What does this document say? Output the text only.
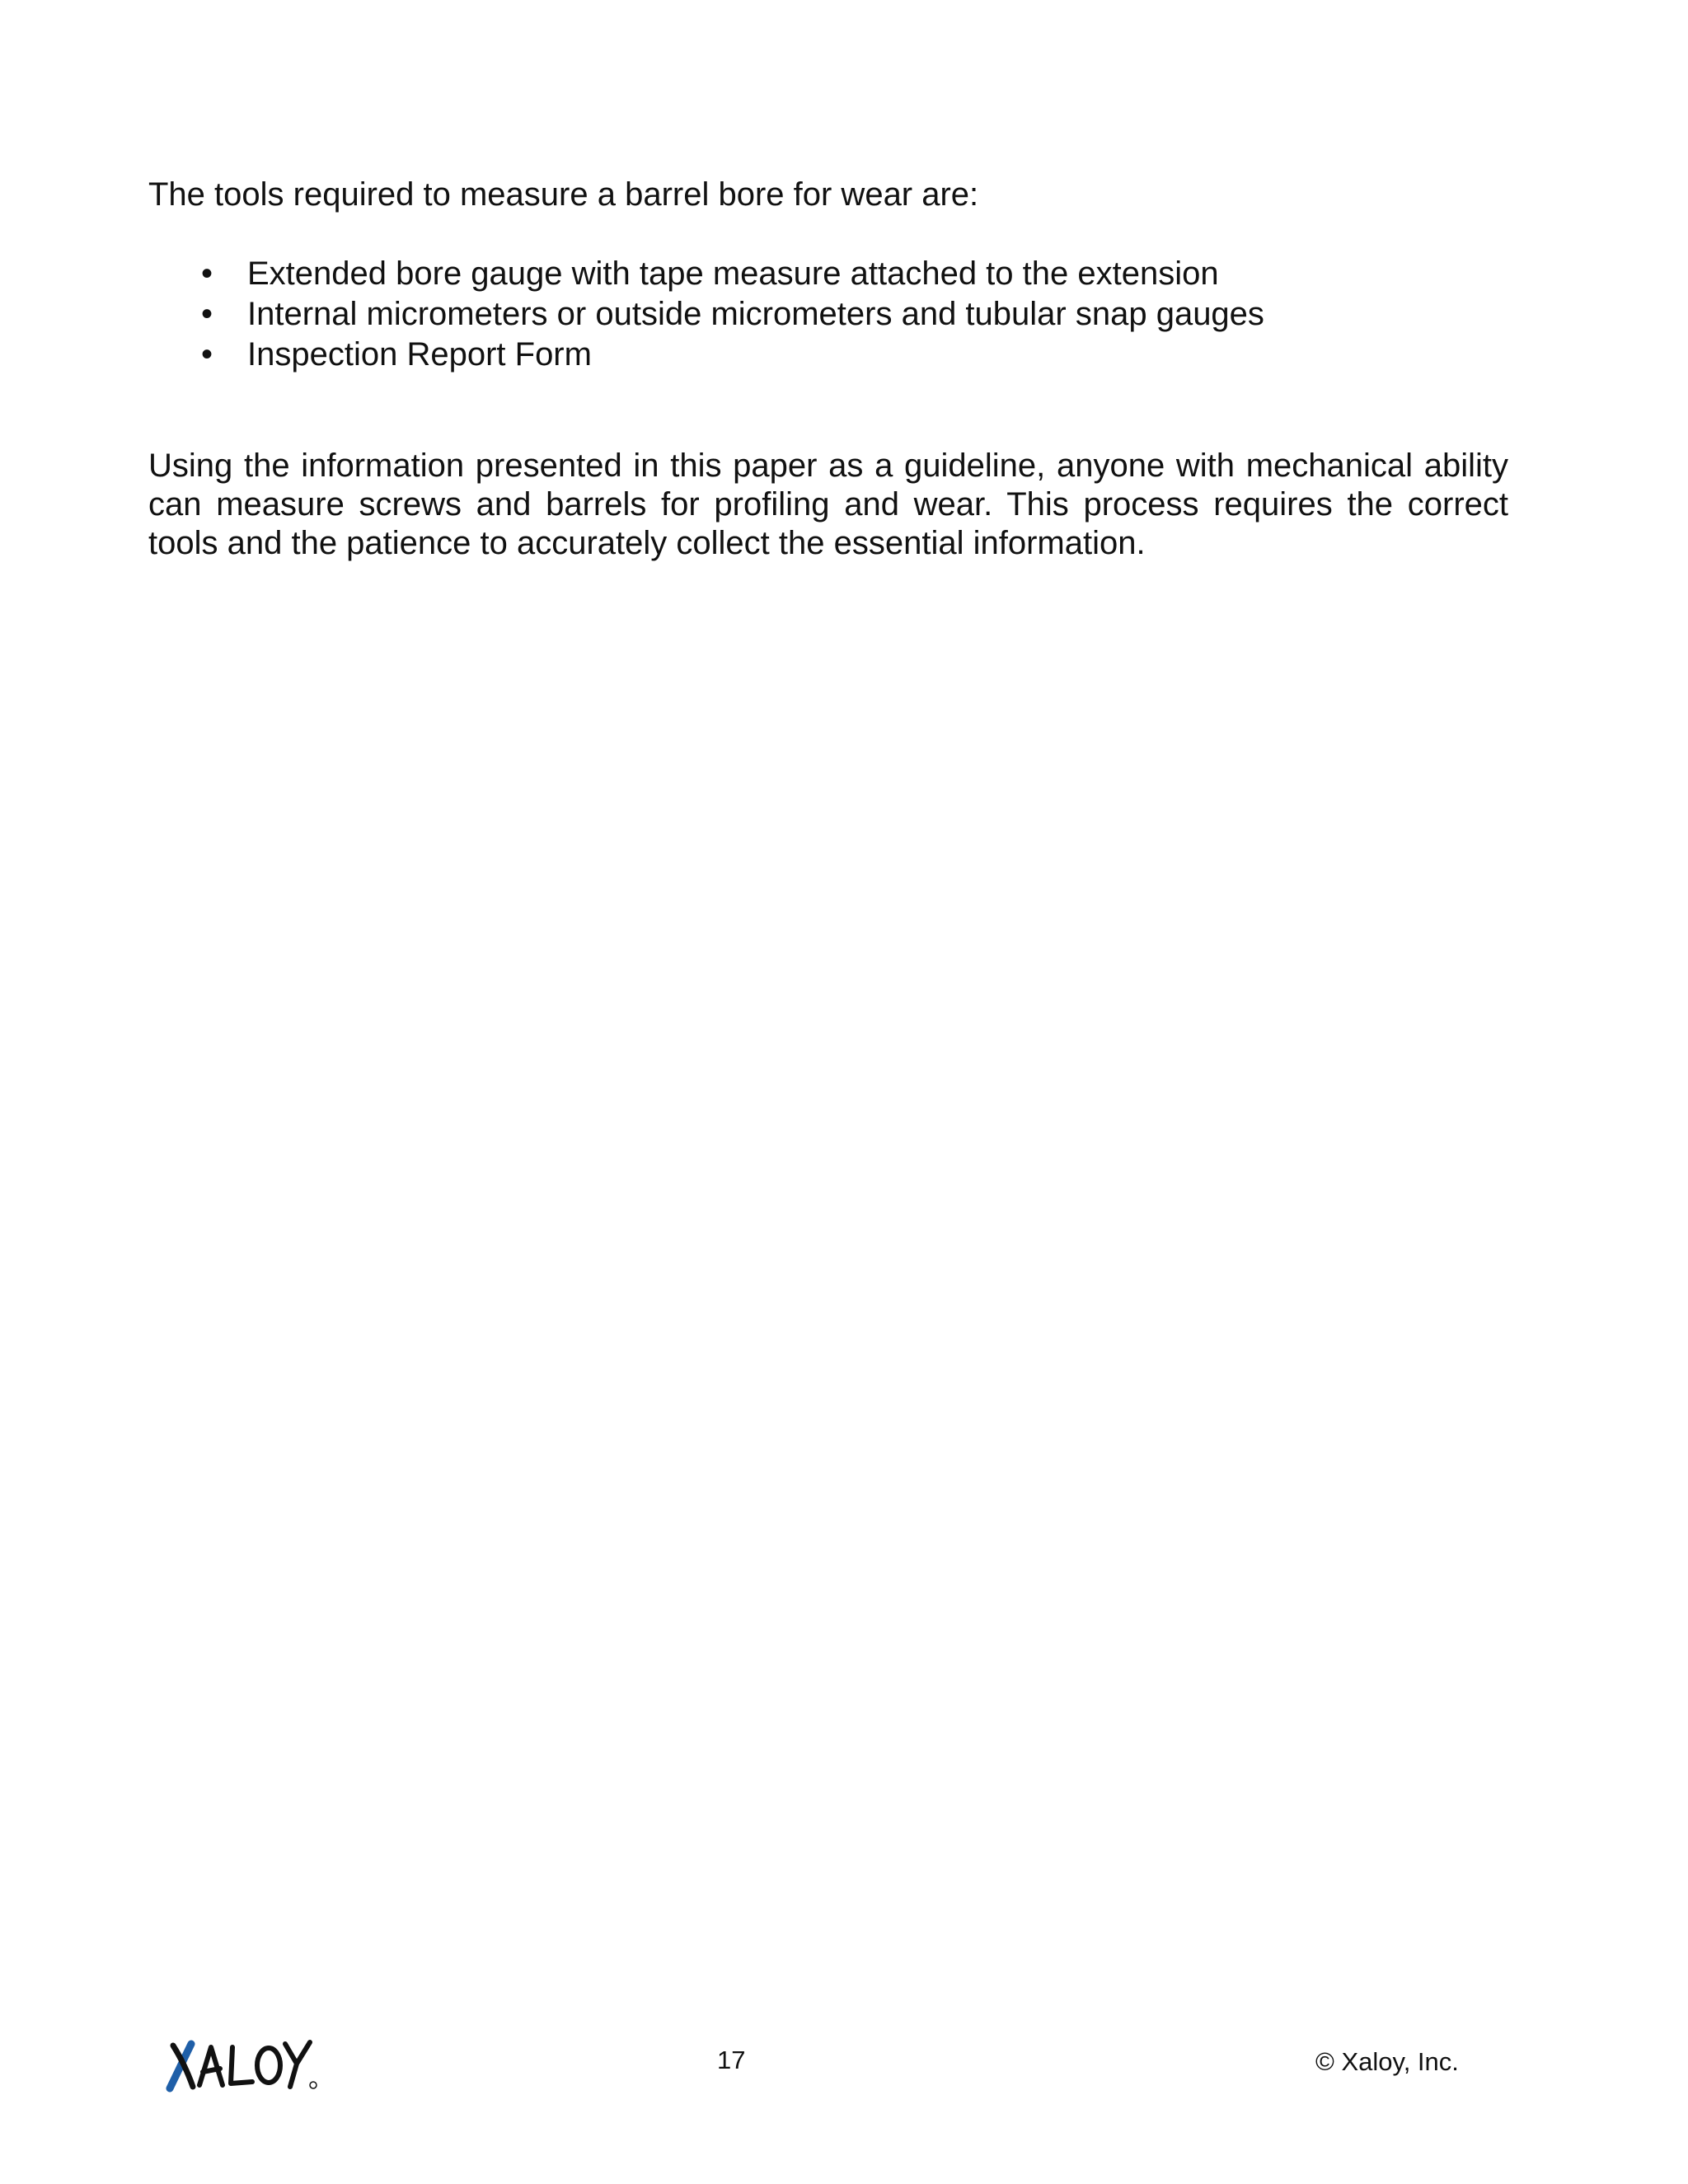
The tools required to measure a barrel bore for wear are:

• Extended bore gauge with tape measure attached to the extension
• Internal micrometers or outside micrometers and tubular snap gauges
• Inspection Report Form

Using the information presented in this paper as a guideline, anyone with mechanical ability can measure screws and barrels for profiling and wear. This process requires the correct tools and the patience to accurately collect the essential information.

17	© Xaloy, Inc.
